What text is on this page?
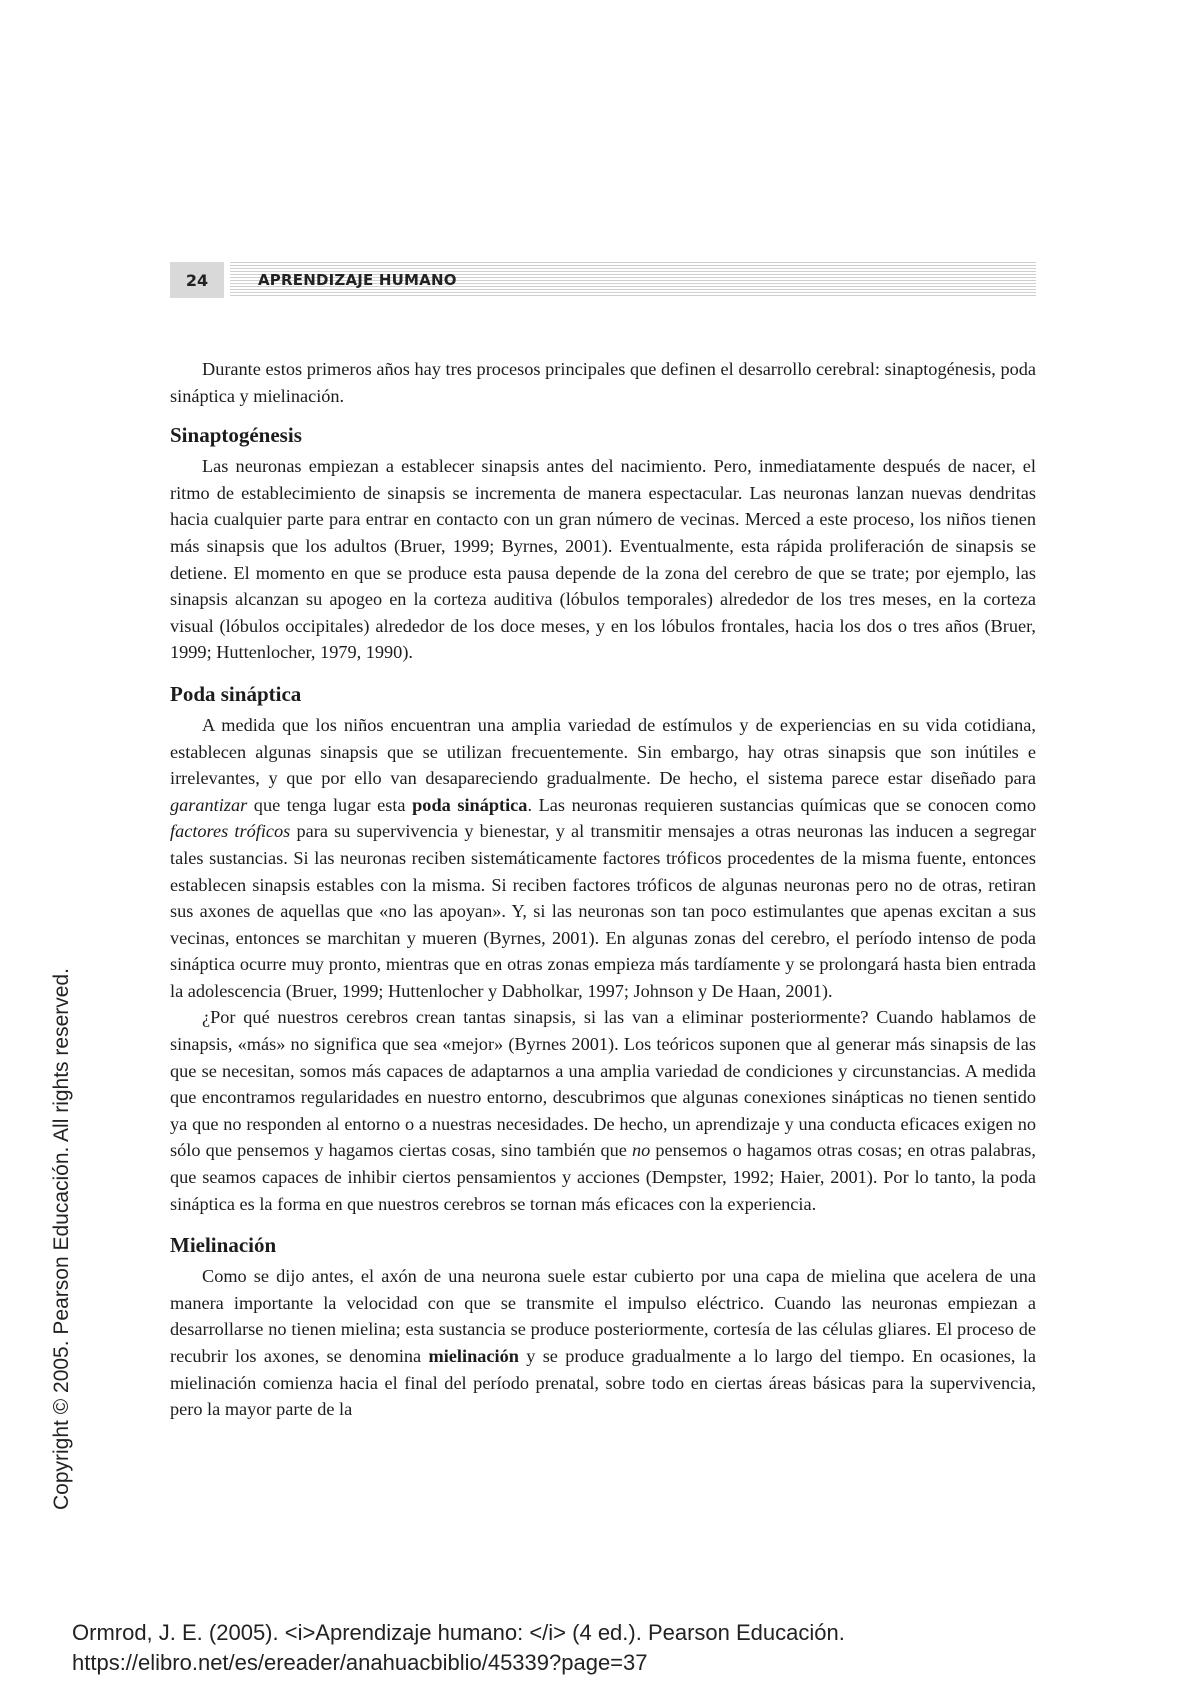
24	APRENDIZAJE HUMANO

Durante estos primeros años hay tres procesos principales que definen el desarrollo cerebral: sinaptogénesis, poda sináptica y mielinación.

Sinaptogénesis

Las neuronas empiezan a establecer sinapsis antes del nacimiento. Pero, inmediatamente después de nacer, el ritmo de establecimiento de sinapsis se incrementa de manera espectacular. Las neuronas lanzan nuevas dendritas hacia cualquier parte para entrar en contacto con un gran número de vecinas. Merced a este proceso, los niños tienen más sinapsis que los adultos (Bruer, 1999; Byrnes, 2001). Eventualmente, esta rápida proliferación de sinapsis se detiene. El momento en que se produce esta pausa depende de la zona del cerebro de que se trate; por ejemplo, las sinapsis alcanzan su apogeo en la corteza auditiva (lóbulos temporales) alrededor de los tres meses, en la corteza visual (lóbulos occipitales) alrededor de los doce meses, y en los lóbulos frontales, hacia los dos o tres años (Bruer, 1999; Huttenlocher, 1979, 1990).

Poda sináptica

A medida que los niños encuentran una amplia variedad de estímulos y de experiencias en su vida cotidiana, establecen algunas sinapsis que se utilizan frecuentemente. Sin embargo, hay otras sinapsis que son inútiles e irrelevantes, y que por ello van desapareciendo gradualmente. De hecho, el sistema parece estar diseñado para garantizar que tenga lugar esta poda sináptica. Las neuronas requieren sustancias químicas que se conocen como factores tróficos para su supervivencia y bienestar, y al transmitir mensajes a otras neuronas las inducen a segregar tales sustancias. Si las neuronas reciben sistemáticamente factores tróficos procedentes de la misma fuente, entonces establecen sinapsis estables con la misma. Si reciben factores tróficos de algunas neuronas pero no de otras, retiran sus axones de aquellas que «no las apoyan». Y, si las neuronas son tan poco estimulantes que apenas excitan a sus vecinas, entonces se marchitan y mueren (Byrnes, 2001). En algunas zonas del cerebro, el período intenso de poda sináptica ocurre muy pronto, mientras que en otras zonas empieza más tardíamente y se prolongará hasta bien entrada la adolescencia (Bruer, 1999; Huttenlocher y Dabholkar, 1997; Johnson y De Haan, 2001).

¿Por qué nuestros cerebros crean tantas sinapsis, si las van a eliminar posteriormente? Cuando hablamos de sinapsis, «más» no significa que sea «mejor» (Byrnes 2001). Los teóricos suponen que al generar más sinapsis de las que se necesitan, somos más capaces de adaptarnos a una amplia variedad de condiciones y circunstancias. A medida que encontramos regularidades en nuestro entorno, descubrimos que algunas conexiones sinápticas no tienen sentido ya que no responden al entorno o a nuestras necesidades. De hecho, un aprendizaje y una conducta eficaces exigen no sólo que pensemos y hagamos ciertas cosas, sino también que no pensemos o hagamos otras cosas; en otras palabras, que seamos capaces de inhibir ciertos pensamientos y acciones (Dempster, 1992; Haier, 2001). Por lo tanto, la poda sináptica es la forma en que nuestros cerebros se tornan más eficaces con la experiencia.

Mielinación

Como se dijo antes, el axón de una neurona suele estar cubierto por una capa de mielina que acelera de una manera importante la velocidad con que se transmite el impulso eléctrico. Cuando las neuronas empiezan a desarrollarse no tienen mielina; esta sustancia se produce posteriormente, cortesía de las células gliares. El proceso de recubrir los axones, se denomina mielinación y se produce gradualmente a lo largo del tiempo. En ocasiones, la mielinación comienza hacia el final del período prenatal, sobre todo en ciertas áreas básicas para la supervivencia, pero la mayor parte de la

Copyright © 2005. Pearson Educación. All rights reserved.
Ormrod, J. E. (2005). <i>Aprendizaje humano: </i> (4 ed.). Pearson Educación. https://elibro.net/es/ereader/anahuacbiblio/45339?page=37
